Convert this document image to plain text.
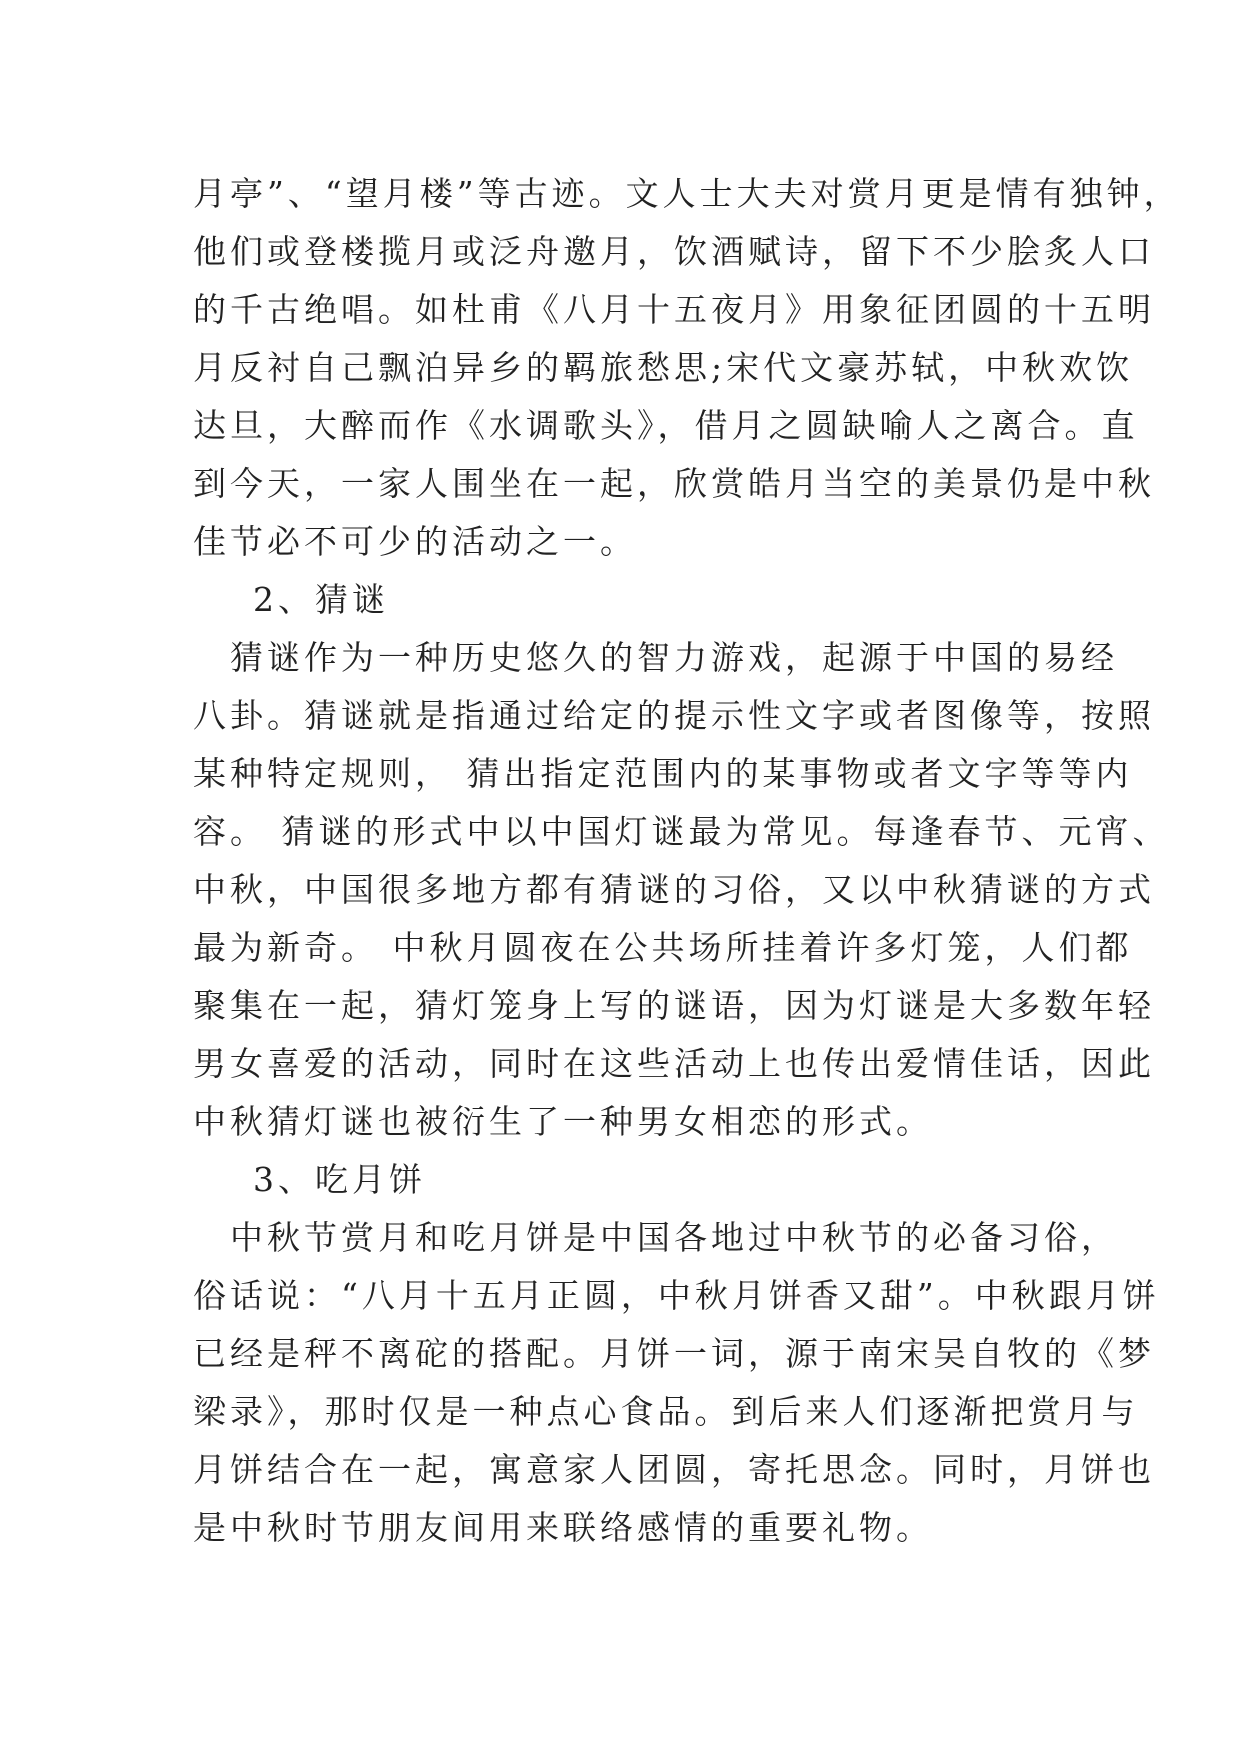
月亭”、“望月楼”等古迹。文人士大夫对赏月更是情有独钟，
他们或登楼揽月或泛舟邀月，饮酒赋诗，留下不少脍炙人口
的千古绝唱。如杜甫《八月十五夜月》用象征团圆的十五明
月反衬自己飘泊异乡的羁旅愁思;宋代文豪苏轼，中秋欢饮
达旦，大醉而作《水调歌头》，借月之圆缺喻人之离合。直
到今天，一家人围坐在一起，欣赏皓月当空的美景仍是中秋
佳节必不可少的活动之一。
2、猜谜
　猜谜作为一种历史悠久的智力游戏，起源于中国的易经
八卦。猜谜就是指通过给定的提示性文字或者图像等，按照
某种特定规则， 猜出指定范围内的某事物或者文字等等内
容。 猜谜的形式中以中国灯谜最为常见。每逢春节、元宵、
中秋，中国很多地方都有猜谜的习俗，又以中秋猜谜的方式
最为新奇。 中秋月圆夜在公共场所挂着许多灯笼，人们都
聚集在一起，猜灯笼身上写的谜语，因为灯谜是大多数年轻
男女喜爱的活动，同时在这些活动上也传出爱情佳话，因此
中秋猜灯谜也被衍生了一种男女相恋的形式。
3、吃月饼
　中秋节赏月和吃月饼是中国各地过中秋节的必备习俗，
俗话说：“八月十五月正圆，中秋月饼香又甜”。中秋跟月饼
已经是秤不离砣的搭配。月饼一词，源于南宋吴自牧的《梦
梁录》，那时仅是一种点心食品。到后来人们逐渐把赏月与
月饼结合在一起，寓意家人团圆，寄托思念。同时，月饼也
是中秋时节朋友间用来联络感情的重要礼物。
